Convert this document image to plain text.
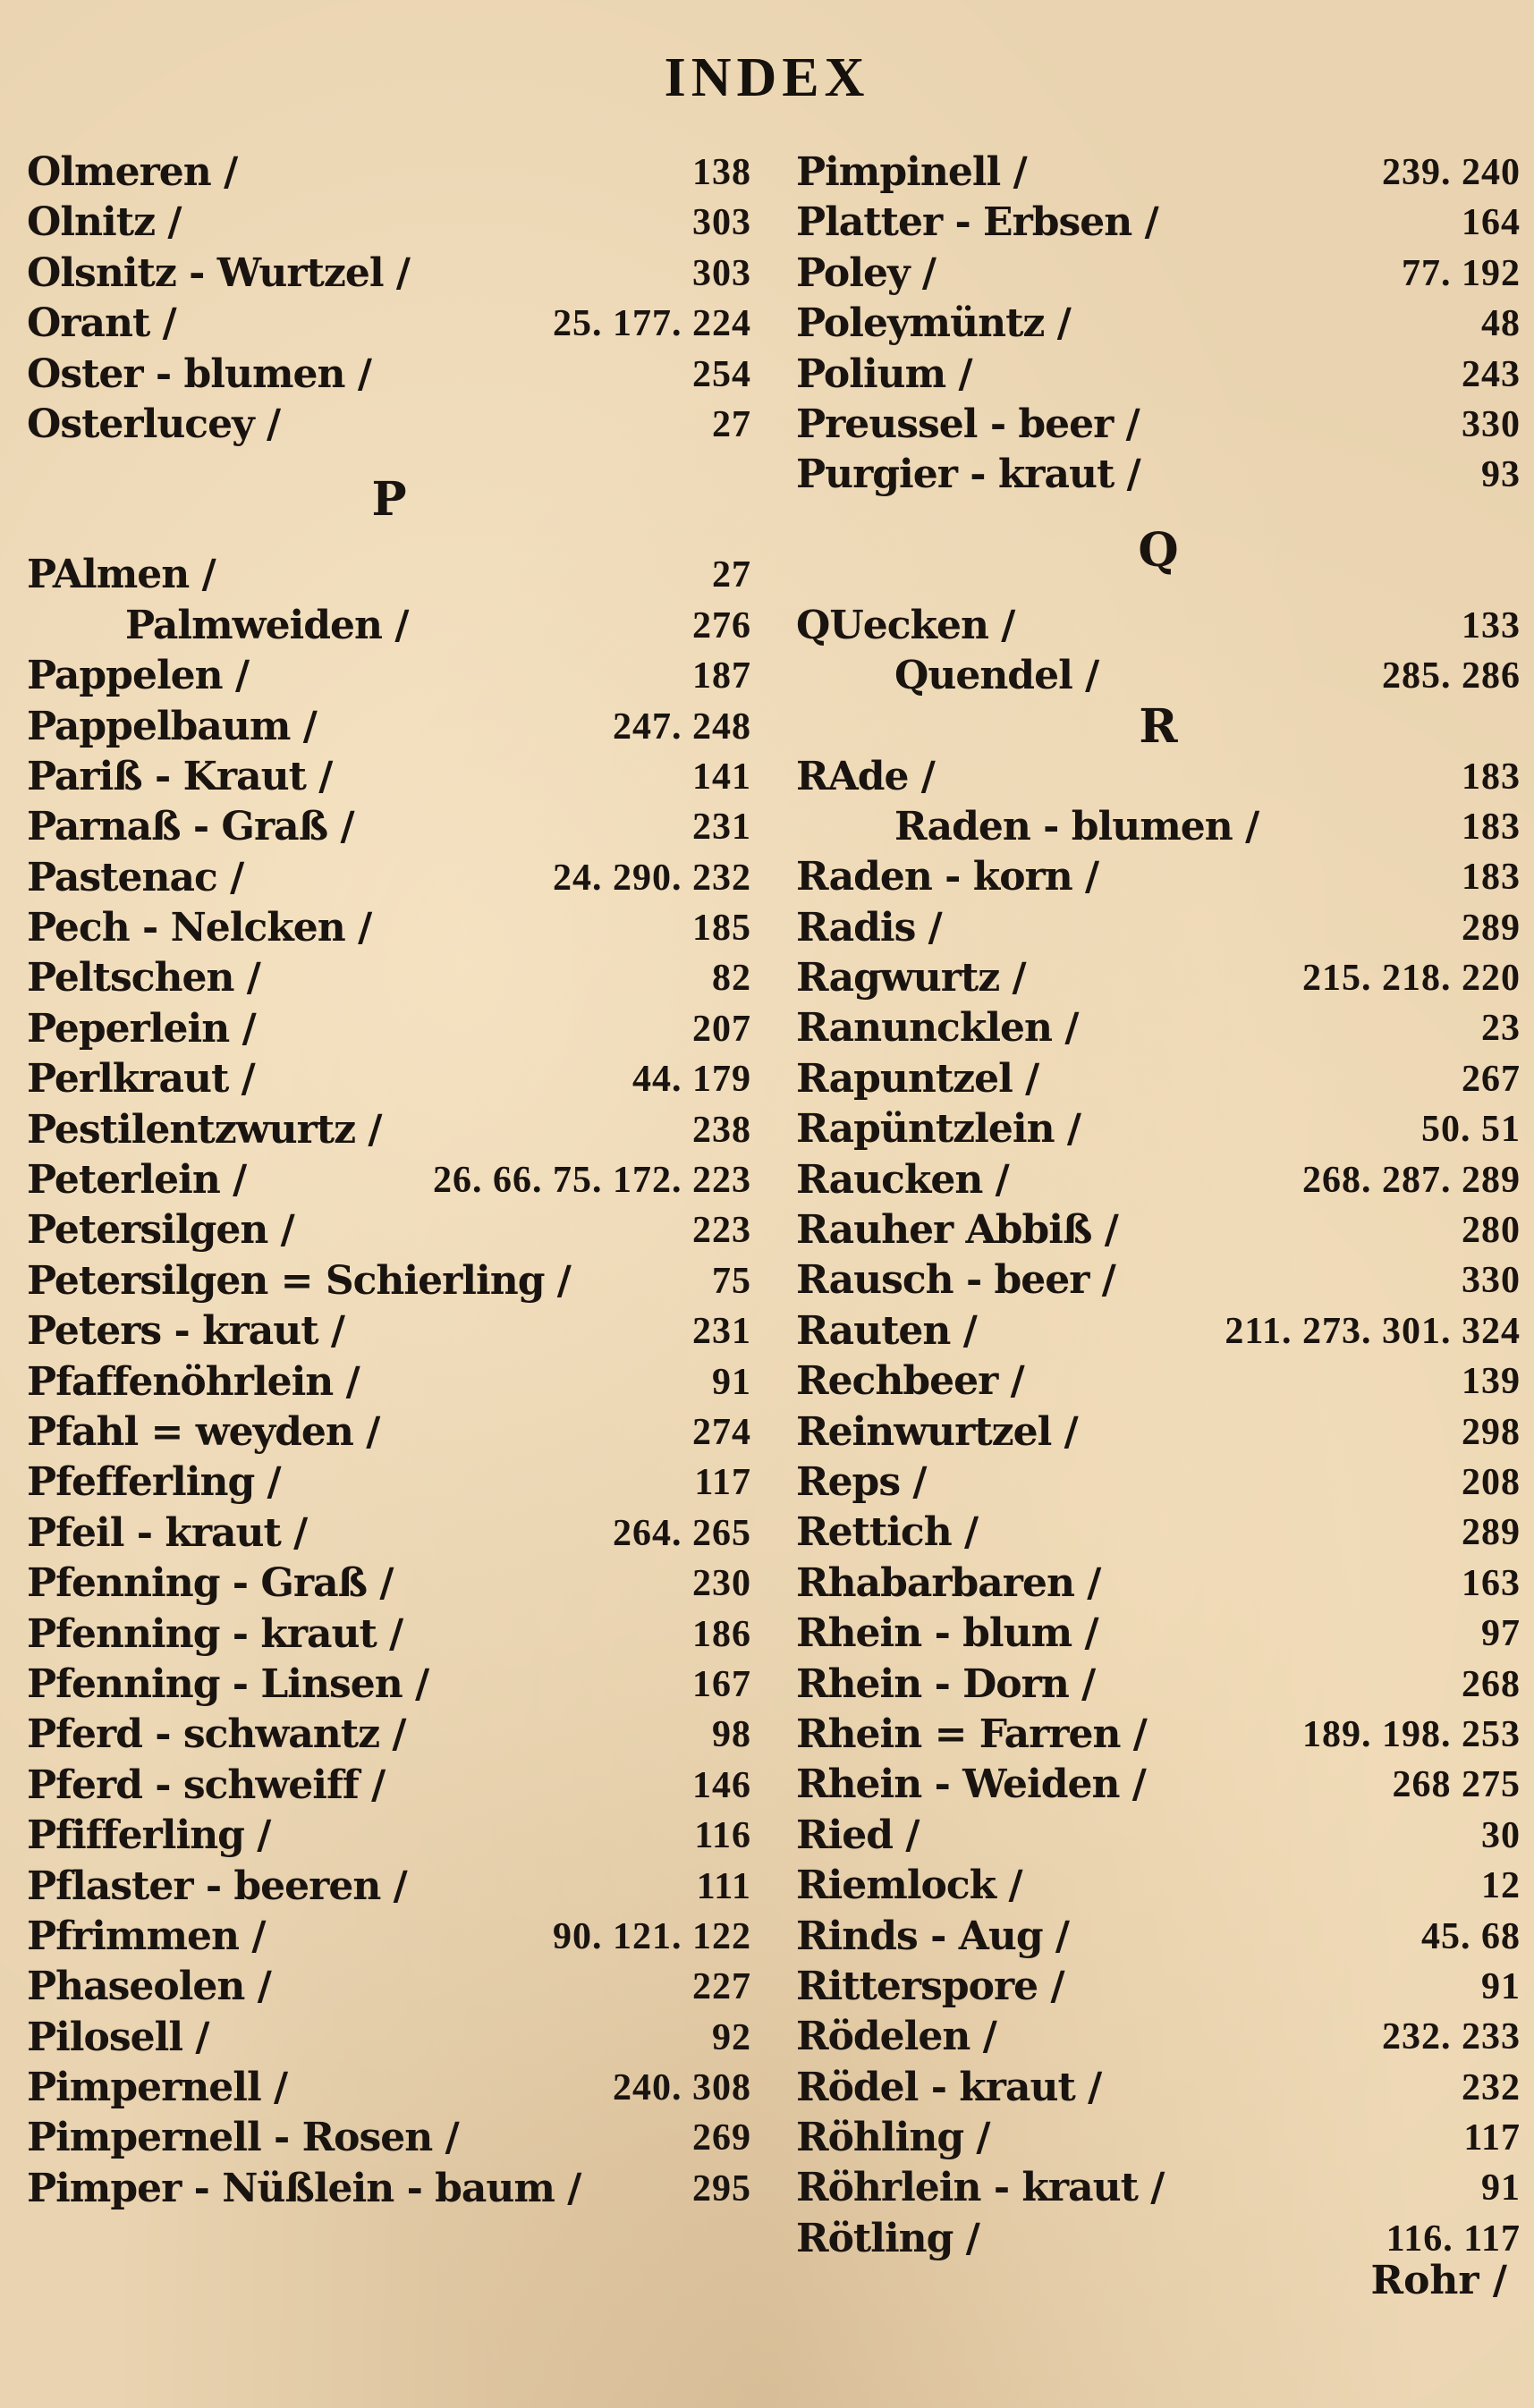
INDEX
Olmeren /	138
Olnitz /	303
Olsnitz - Wurtzel /	303
Orant /	25. 177. 224
Oster - blumen /	254
Osterlucey /	27
P
PAlmen /	27
Palmweiden /	276
Pappelen /	187
Pappelbaum /	247. 248
Pariß - Kraut /	141
Parnaß - Graß /	231
Pastenac /	24. 290. 232
Pech - Nelcken /	185
Peltschen /	82
Peperlein /	207
Perlkraut /	44. 179
Pestilentzwurtz /	238
Peterlein /	26. 66. 75. 172. 223
Petersilgen /	223
Petersilgen = Schierling /	75
Peters - kraut /	231
Pfaffenöhrlein /	91
Pfahl = weyden /	274
Pfefferling /	117
Pfeil - kraut /	264. 265
Pfenning - Graß /	230
Pfenning - kraut /	186
Pfenning - Linsen /	167
Pferd - schwantz /	98
Pferd - schweiff /	146
Pfifferling /	116
Pflaster - beeren /	111
Pfrimmen /	90. 121. 122
Phaseolen /	227
Pilosell /	92
Pimpernell /	240. 308
Pimpernell - Rosen /	269
Pimper - Nüßlein - baum /	295
Pimpinell /	239. 240
Platter - Erbsen /	164
Poley /	77. 192
Poleymüntz /	48
Polium /	243
Preussel - beer /	330
Purgier - kraut /	93
Q
QUecken /	133
Quendel /	285. 286
R
RAde /	183
Raden - blumen /	183
Raden - korn /	183
Radis /	289
Ragwurtz /	215. 218. 220
Ranuncklen /	23
Rapuntzel /	267
Rapüntzlein /	50. 51
Raucken /	268. 287. 289
Rauher Abbiß /	280
Rausch - beer /	330
Rauten /	211. 273. 301. 324
Rechbeer /	139
Reinwurtzel /	298
Reps /	208
Rettich /	289
Rhabarbaren /	163
Rhein - blum /	97
Rhein - Dorn /	268
Rhein = Farren /	189. 198. 253
Rhein - Weiden /	268 275
Ried /	30
Riemlock /	12
Rinds - Aug /	45. 68
Ritterspore /	91
Rödelen /	232. 233
Rödel - kraut /	232
Röhling /	117
Röhrlein - kraut /	91
Rötling /	116. 117
Rohr /
